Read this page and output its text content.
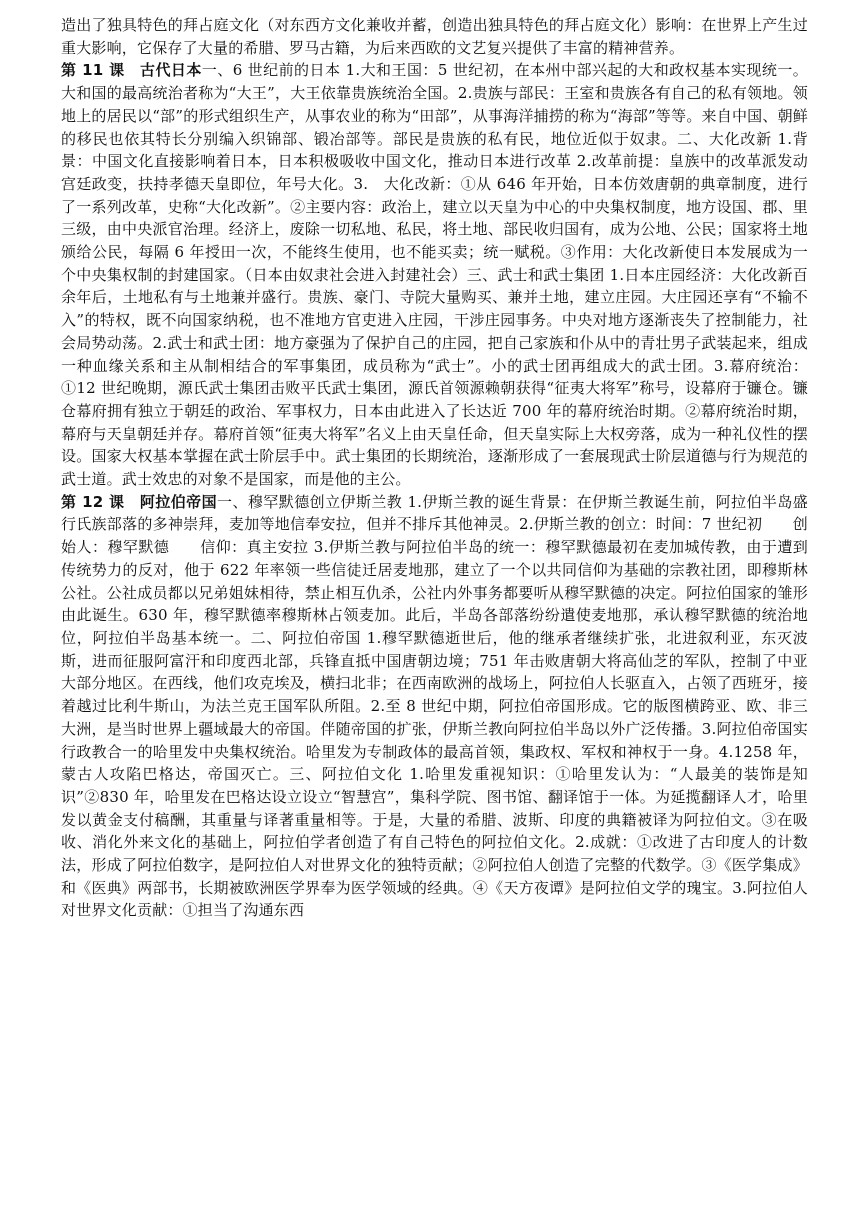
造出了独具特色的拜占庭文化（对东西方文化兼收并蓄，创造出独具特色的拜占庭文化）影响：在世界上产生过重大影响，它保存了大量的希腊、罗马古籍，为后来西欧的文艺复兴提供了丰富的精神营养。

第 11 课　古代日本一、6 世纪前的日本 1.大和王国：5 世纪初，在本州中部兴起的大和政权基本实现统一。大和国的最高统治者称为“大王”，大王依靠贵族统治全国。2.贵族与部民：王室和贵族各有自己的私有领地。领地上的居民以“部”的形式组织生产，从事农业的称为“田部”，从事海洋捕捞的称为“海部”等等。来自中国、朝鲜的移民也依其特长分别编入织锦部、锻冶部等。部民是贵族的私有民，地位近似于奴隶。二、大化改新 1.背景：中国文化直接影响着日本，日本积极吸收中国文化，推动日本进行改革 2.改革前提：皇族中的改革派发动宫廷政变，扶持孝德天皇即位，年号大化。3.　大化改新：①从 646 年开始，日本仿效唐朝的典章制度，进行了一系列改革，史称“大化改新”。②主要内容：政治上，建立以天皇为中心的中央集权制度，地方设国、郡、里三级，由中央派官治理。经济上，废除一切私地、私民，将土地、部民收归国有，成为公地、公民；国家将土地颁给公民，每隔 6 年授田一次，不能终生使用，也不能买卖；统一赋税。③作用：大化改新使日本发展成为一个中央集权制的封建国家。（日本由奴隶社会进入封建社会）三、武士和武士集团 1.日本庄园经济：大化改新百余年后，土地私有与土地兼并盛行。贵族、豪门、寺院大量购买、兼并土地，建立庄园。大庄园还享有“不输不入”的特权，既不向国家纳税，也不准地方官吏进入庄园，干涉庄园事务。中央对地方逐渐丧失了控制能力，社会局势动荡。2.武士和武士团：地方豪强为了保护自己的庄园，把自己家族和仆从中的青壮男子武装起来，组成一种血缘关系和主从制相结合的军事集团，成员称为“武士”。小的武士团再组成大的武士团。3.幕府统治：①12 世纪晚期，源氏武士集团击败平氏武士集团，源氏首领源赖朝获得“征夷大将军”称号，设幕府于镰仓。镰仓幕府拥有独立于朝廷的政治、军事权力，日本由此进入了长达近 700 年的幕府统治时期。②幕府统治时期，幕府与天皇朝廷并存。幕府首领“征夷大将军”名义上由天皇任命，但天皇实际上大权旁落，成为一种礼仪性的摆设。国家大权基本掌握在武士阶层手中。武士集团的长期统治，逐渐形成了一套展现武士阶层道德与行为规范的武士道。武士效忠的对象不是国家，而是他的主公。

第 12 课　阿拉伯帝国一、穆罕默德创立伊斯兰教 1.伊斯兰教的诞生背景：在伊斯兰教诞生前，阿拉伯半岛盛行氏族部落的多神崇拜，麦加等地信奉安拉，但并不排斥其他神灵。2.伊斯兰教的创立：时间：7 世纪初　　创始人：穆罕默德　　信仰：真主安拉 3.伊斯兰教与阿拉伯半岛的统一：穆罕默德最初在麦加城传教，由于遭到传统势力的反对，他于 622 年率领一些信徒迁居麦地那，建立了一个以共同信仰为基础的宗教社团，即穆斯林公社。公社成员都以兄弟姐妹相待，禁止相互仇杀，公社内外事务都要听从穆罕默德的决定。阿拉伯国家的雏形由此诞生。630 年，穆罕默德率穆斯林占领麦加。此后，半岛各部落纷纷遣使麦地那，承认穆罕默德的统治地位，阿拉伯半岛基本统一。二、阿拉伯帝国 1.穆罕默德逝世后，他的继承者继续扩张，北进叙利亚，东灭波斯，进而征服阿富汗和印度西北部，兵锋直抵中国唐朝边境；751 年击败唐朝大将高仙芝的军队，控制了中亚大部分地区。在西线，他们攻克埃及，横扫北非；在西南欧洲的战场上，阿拉伯人长驱直入，占领了西班牙，接着越过比利牛斯山，为法兰克王国军队所阻。2.至 8 世纪中期，阿拉伯帝国形成。它的版图横跨亚、欧、非三大洲，是当时世界上疆域最大的帝国。伴随帝国的扩张，伊斯兰教向阿拉伯半岛以外广泛传播。3.阿拉伯帝国实行政教合一的哈里发中央集权统治。哈里发为专制政体的最高首领，集政权、军权和神权于一身。4.1258 年，蒙古人攻陷巴格达，帝国灭亡。三、阿拉伯文化 1.哈里发重视知识：①哈里发认为：“人最美的装饰是知识”②830 年，哈里发在巴格达设立设立“智慧宫”，集科学院、图书馆、翻译馆于一体。为延揽翻译人才，哈里发以黄金支付稿酬，其重量与译著重量相等。于是，大量的希腊、波斯、印度的典籍被译为阿拉伯文。③在吸收、消化外来文化的基础上，阿拉伯学者创造了有自己特色的阿拉伯文化。2.成就：①改进了古印度人的计数法，形成了阿拉伯数字，是阿拉伯人对世界文化的独特贡献；②阿拉伯人创造了完整的代数学。③《医学集成》和《医典》两部书，长期被欧洲医学界奉为医学领域的经典。④《天方夜谭》是阿拉伯文学的瑰宝。3.阿拉伯人对世界文化贡献：①担当了沟通东西
